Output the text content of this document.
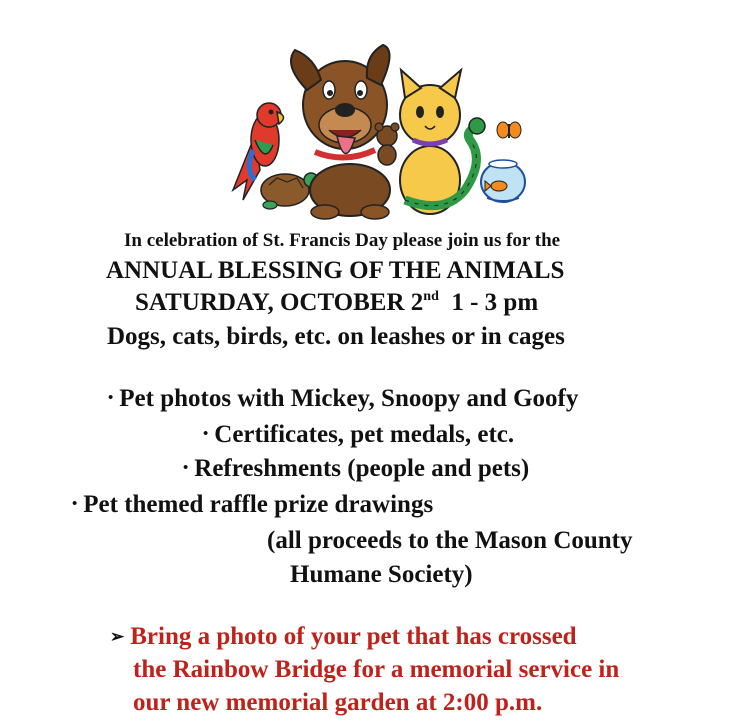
In celebration of St. Francis Day please join us for the
ANNUAL BLESSING OF THE ANIMALS
SATURDAY, OCTOBER 2nd 1 - 3 pm
Dogs, cats, birds, etc. on leashes or in cages
• Pet photos with Mickey, Snoopy and Goofy
• Certificates, pet medals, etc.
• Refreshments (people and pets)
• Pet themed raffle prize drawings
(all proceeds to the Mason County
Humane Society)
➢ Bring a photo of your pet that has crossed
the Rainbow Bridge for a memorial service in
our new memorial garden at 2:00 p.m.
